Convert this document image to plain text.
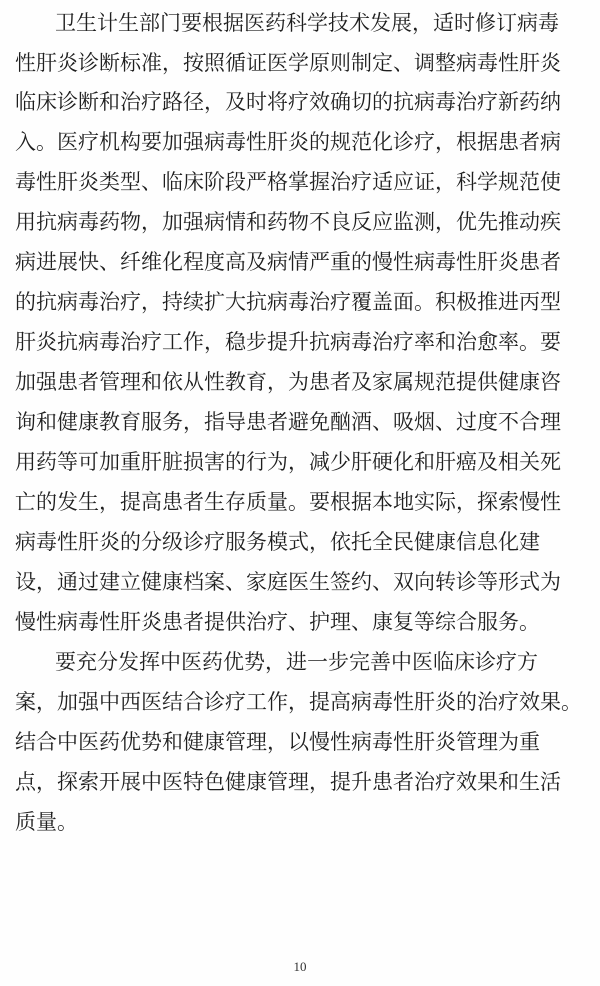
卫生计生部门要根据医药科学技术发展，适时修订病毒
性肝炎诊断标准，按照循证医学原则制定、调整病毒性肝炎
临床诊断和治疗路径，及时将疗效确切的抗病毒治疗新药纳
入。医疗机构要加强病毒性肝炎的规范化诊疗，根据患者病
毒性肝炎类型、临床阶段严格掌握治疗适应证，科学规范使
用抗病毒药物，加强病情和药物不良反应监测，优先推动疾
病进展快、纤维化程度高及病情严重的慢性病毒性肝炎患者
的抗病毒治疗，持续扩大抗病毒治疗覆盖面。积极推进丙型
肝炎抗病毒治疗工作，稳步提升抗病毒治疗率和治愈率。要
加强患者管理和依从性教育，为患者及家属规范提供健康咨
询和健康教育服务，指导患者避免酗酒、吸烟、过度不合理
用药等可加重肝脏损害的行为，减少肝硬化和肝癌及相关死
亡的发生，提高患者生存质量。要根据本地实际，探索慢性
病毒性肝炎的分级诊疗服务模式，依托全民健康信息化建
设，通过建立健康档案、家庭医生签约、双向转诊等形式为
慢性病毒性肝炎患者提供治疗、护理、康复等综合服务。
要充分发挥中医药优势，进一步完善中医临床诊疗方
案，加强中西医结合诊疗工作，提高病毒性肝炎的治疗效果。
结合中医药优势和健康管理，以慢性病毒性肝炎管理为重
点，探索开展中医特色健康管理，提升患者治疗效果和生活
质量。
10
